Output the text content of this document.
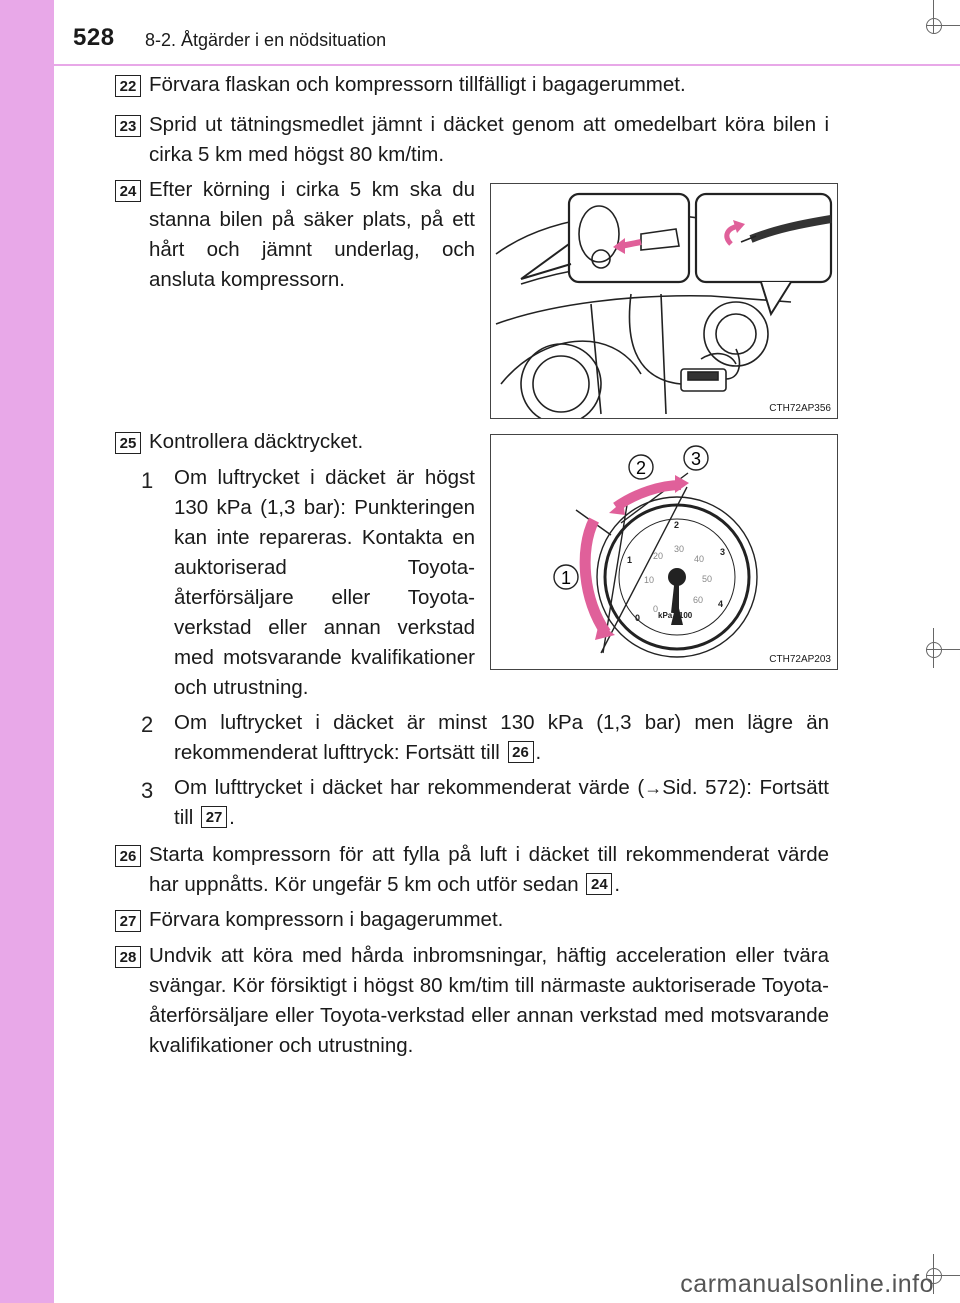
528 8-2. Åtgärder i en nödsituation
22 Förvara flaskan och kompressorn tillfälligt i bagagerummet.
23 Sprid ut tätningsmedlet jämnt i däcket genom att omedelbart köra bilen i cirka 5 km med högst 80 km/tim.
24 Efter körning i cirka 5 km ska du stanna bilen på säker plats, på ett hårt och jämnt underlag, och ansluta kompressorn.
CTH72AP356
25 Kontrollera däcktrycket.
2 3
1
0
1
2
3
4
0
10
20
30
40
50
60
kPa x100
CTH72AP203
1 Om luftrycket i däcket är högst 130 kPa (1,3 bar): Punkteringen kan inte repareras. Kontakta en auktoriserad Toyota-återförsäljare eller Toyota-verkstad eller annan verkstad med motsvarande kvalifikationer och utrustning.
2 Om luftrycket i däcket är minst 130 kPa (1,3 bar) men lägre än rekommenderat lufttryck: Fortsätt till 26 .
3 Om lufttrycket i däcket har rekommenderat värde (→Sid. 572): Fortsätt till 27 .
26 Starta kompressorn för att fylla på luft i däcket till rekommenderat värde har uppnåtts. Kör ungefär 5 km och utför sedan 24 .
27 Förvara kompressorn i bagagerummet.
28 Undvik att köra med hårda inbromsningar, häftig acceleration eller tvära svängar. Kör försiktigt i högst 80 km/tim till närmaste auktoriserade Toyota-återförsäljare eller Toyota-verkstad eller annan verkstad med motsvarande kvalifikationer och utrustning.
carmanualsonline.info
